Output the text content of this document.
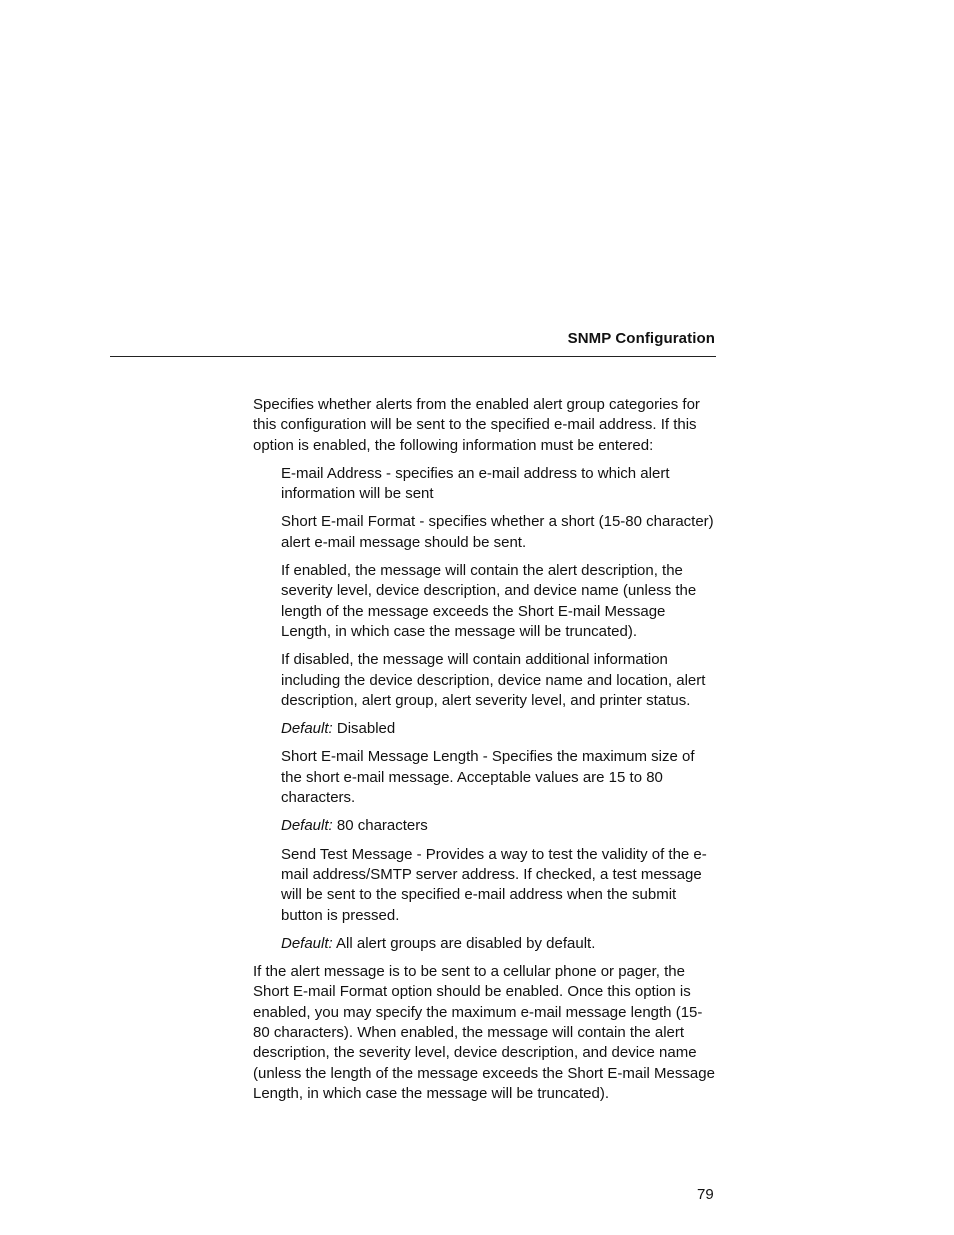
SNMP Configuration

Specifies whether alerts from the enabled alert group categories for this configuration will be sent to the specified e-mail address. If this option is enabled, the following information must be entered:

E-mail Address - specifies an e-mail address to which alert information will be sent

Short E-mail Format - specifies whether a short (15-80 character) alert e-mail message should be sent.

If enabled, the message will contain the alert description, the severity level, device description, and device name (unless the length of the message exceeds the Short E-mail Message Length, in which case the message will be truncated).

If disabled, the message will contain additional information including the device description, device name and location, alert description, alert group, alert severity level, and printer status.

Default: Disabled

Short E-mail Message Length - Specifies the maximum size of the short e-mail message. Acceptable values are 15 to 80 characters.

Default: 80 characters

Send Test Message - Provides a way to test the validity of the e-mail address/SMTP server address. If checked, a test message will be sent to the specified e-mail address when the submit button is pressed.

Default: All alert groups are disabled by default.

If the alert message is to be sent to a cellular phone or pager, the Short E-mail Format option should be enabled. Once this option is enabled, you may specify the maximum e-mail message length (15-80 characters). When enabled, the message will contain the alert description, the severity level, device description, and device name (unless the length of the message exceeds the Short E-mail Message Length, in which case the message will be truncated).

79
